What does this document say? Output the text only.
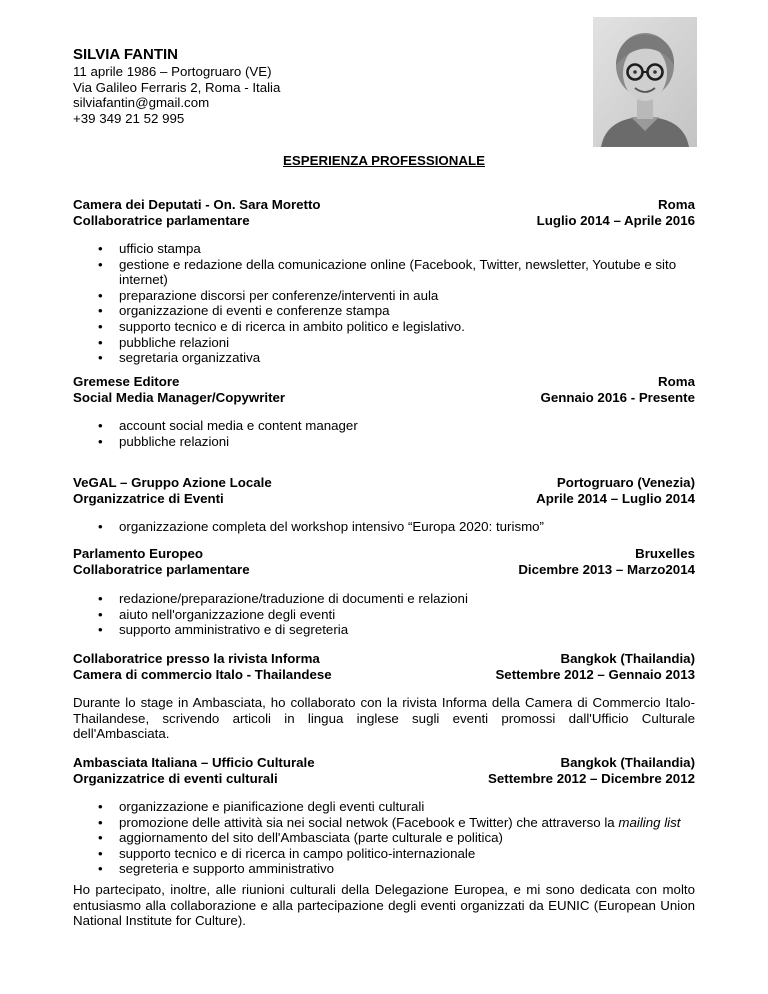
SILVIA FANTIN
11 aprile 1986 – Portogruaro (VE)
Via Galileo Ferraris 2, Roma - Italia
silviafantin@gmail.com
+39 349 21 52 995
ESPERIENZA PROFESSIONALE
Camera dei Deputati - On. Sara Moretto	Roma
Collaboratrice parlamentare	Luglio 2014 – Aprile 2016
• ufficio stampa
• gestione e redazione della comunicazione online (Facebook, Twitter, newsletter, Youtube e sito internet)
• preparazione discorsi per conferenze/interventi in aula
• organizzazione di eventi e conferenze stampa
• supporto tecnico e di ricerca in ambito politico e legislativo.
• pubbliche relazioni
• segretaria organizzativa
Gremese Editore	Roma
Social Media Manager/Copywriter	Gennaio 2016 - Presente
• account social media e content manager
• pubbliche relazioni
VeGAL – Gruppo Azione Locale	Portogruaro (Venezia)
Organizzatrice di Eventi	Aprile 2014 – Luglio 2014
• organizzazione completa del workshop intensivo “Europa 2020: turismo”
Parlamento Europeo	Bruxelles
Collaboratrice parlamentare	Dicembre 2013 – Marzo2014
• redazione/preparazione/traduzione di documenti e relazioni
• aiuto nell'organizzazione degli eventi
• supporto amministrativo e di segreteria
Collaboratrice presso la rivista Informa	Bangkok (Thailandia)
Camera di commercio Italo - Thailandese	Settembre 2012 – Gennaio 2013
Durante lo stage in Ambasciata, ho collaborato con la rivista Informa della Camera di Commercio Italo-Thailandese, scrivendo articoli in lingua inglese sugli eventi promossi dall'Ufficio Culturale dell'Ambasciata.
Ambasciata Italiana – Ufficio Culturale	Bangkok (Thailandia)
Organizzatrice di eventi culturali	Settembre 2012 – Dicembre 2012
• organizzazione e pianificazione degli eventi culturali
• promozione delle attività sia nei social netwok (Facebook e Twitter) che attraverso la mailing list
• aggiornamento del sito dell'Ambasciata (parte culturale e politica)
• supporto tecnico e di ricerca in campo politico-internazionale
• segreteria e supporto amministrativo
Ho partecipato, inoltre, alle riunioni culturali della Delegazione Europea, e mi sono dedicata con molto entusiasmo alla collaborazione e alla partecipazione degli eventi organizzati da EUNIC (European Union National Institute for Culture).
